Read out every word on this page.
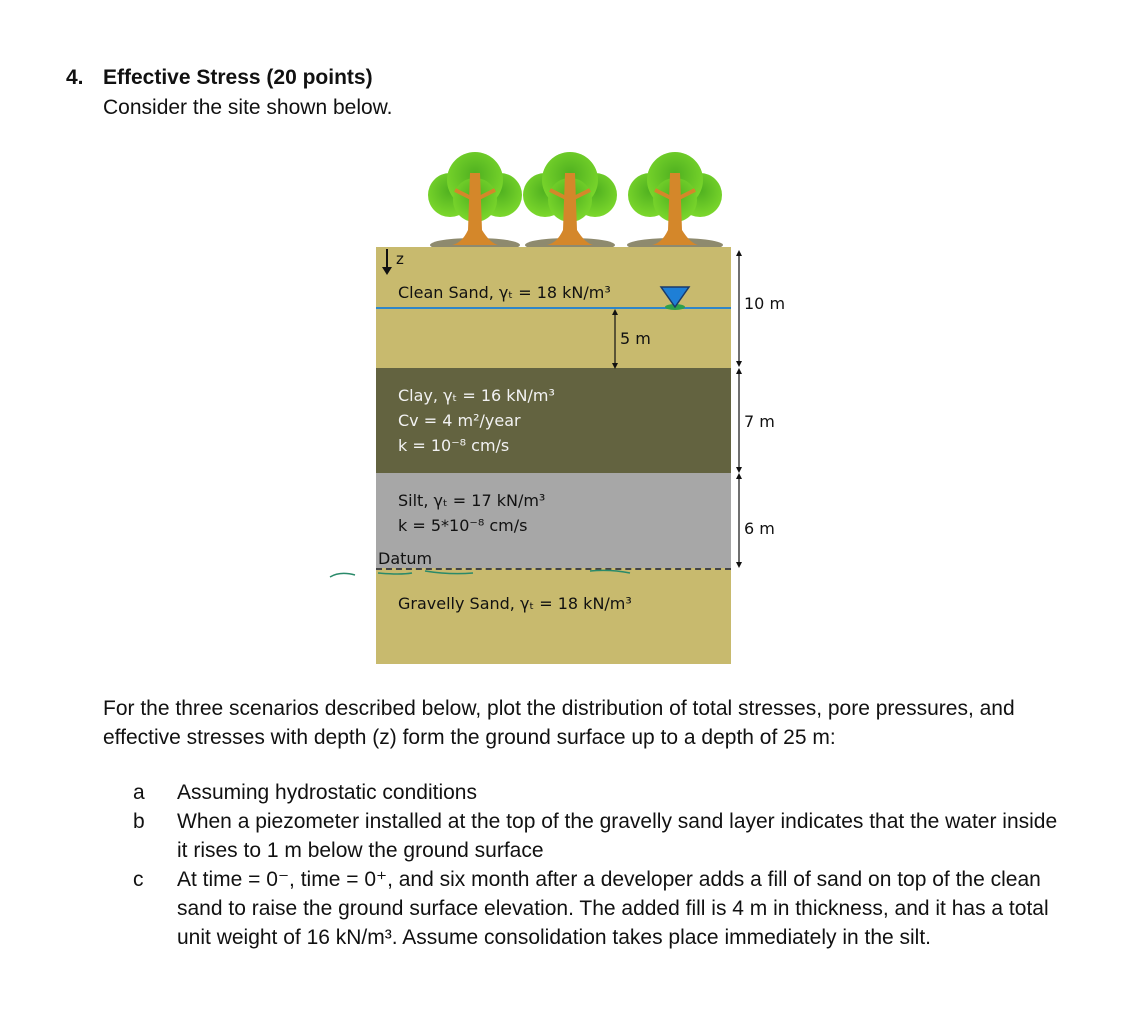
4. Effective Stress (20 points)
Consider the site shown below.
z
Clean Sand, γₜ = 18 kN/m³
Clay, γₜ = 16 kN/m³
Cv = 4 m²/year
k = 10⁻⁸ cm/s
Silt, γₜ = 17 kN/m³
k = 5*10⁻⁸ cm/s
Datum
Gravelly Sand, γₜ = 18 kN/m³
5 m
10 m
7 m
6 m
For the three scenarios described below, plot the distribution of total stresses, pore pressures, and effective stresses with depth (z) form the ground surface up to a depth of 25 m:
a	Assuming hydrostatic conditions
b	When a piezometer installed at the top of the gravelly sand layer indicates that the water inside it rises to 1 m below the ground surface
c	At time = 0⁻, time = 0⁺, and six month after a developer adds a fill of sand on top of the clean sand to raise the ground surface elevation. The added fill is 4 m in thickness, and it has a total unit weight of 16 kN/m³. Assume consolidation takes place immediately in the silt.
